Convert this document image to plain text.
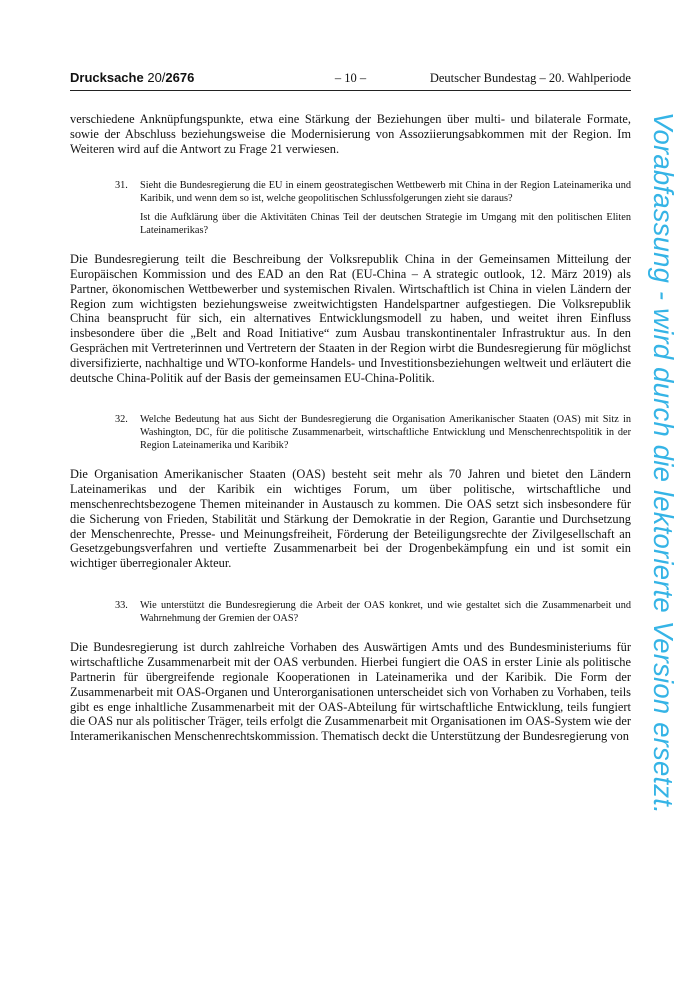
Drucksache 20/2676	– 10 –	Deutscher Bundestag – 20. Wahlperiode

verschiedene Anknüpfungspunkte, etwa eine Stärkung der Beziehungen über multi- und bilaterale Formate, sowie der Abschluss beziehungsweise die Modernisierung von Assoziierungsabkommen mit der Region. Im Weiteren wird auf die Antwort zu Frage 21 verwiesen.

31. Sieht die Bundesregierung die EU in einem geostrategischen Wettbewerb mit China in der Region Lateinamerika und Karibik, und wenn dem so ist, welche geopolitischen Schlussfolgerungen zieht sie daraus?

Ist die Aufklärung über die Aktivitäten Chinas Teil der deutschen Strategie im Umgang mit den politischen Eliten Lateinamerikas?

Die Bundesregierung teilt die Beschreibung der Volksrepublik China in der Gemeinsamen Mitteilung der Europäischen Kommission und des EAD an den Rat (EU-China – A strategic outlook, 12. März 2019) als Partner, ökonomischen Wettbewerber und systemischen Rivalen. Wirtschaftlich ist China in vielen Ländern der Region zum wichtigsten beziehungsweise zweitwichtigsten Handelspartner aufgestiegen. Die Volksrepublik China beansprucht für sich, ein alternatives Entwicklungsmodell zu haben, und weitet ihren Einfluss insbesondere über die „Belt and Road Initiative“ zum Ausbau transkontinentaler Infrastruktur aus. In den Gesprächen mit Vertreterinnen und Vertretern der Staaten in der Region wirbt die Bundesregierung für möglichst diversifizierte, nachhaltige und WTO-konforme Handels- und Investitionsbeziehungen weltweit und erläutert die deutsche China-Politik auf der Basis der gemeinsamen EU-China-Politik.

32. Welche Bedeutung hat aus Sicht der Bundesregierung die Organisation Amerikanischer Staaten (OAS) mit Sitz in Washington, DC, für die politische Zusammenarbeit, wirtschaftliche Entwicklung und Menschenrechtspolitik in der Region Lateinamerika und Karibik?

Die Organisation Amerikanischer Staaten (OAS) besteht seit mehr als 70 Jahren und bietet den Ländern Lateinamerikas und der Karibik ein wichtiges Forum, um über politische, wirtschaftliche und menschenrechtsbezogene Themen miteinander in Austausch zu kommen. Die OAS setzt sich insbesondere für die Sicherung von Frieden, Stabilität und Stärkung der Demokratie in der Region, Garantie und Durchsetzung der Menschenrechte, Presse- und Meinungsfreiheit, Förderung der Beteiligungsrechte der Zivilgesellschaft an Gesetzgebungsverfahren und vertiefte Zusammenarbeit bei der Drogenbekämpfung ein und ist somit ein wichtiger überregionaler Akteur.

33. Wie unterstützt die Bundesregierung die Arbeit der OAS konkret, und wie gestaltet sich die Zusammenarbeit und Wahrnehmung der Gremien der OAS?

Die Bundesregierung ist durch zahlreiche Vorhaben des Auswärtigen Amts und des Bundesministeriums für wirtschaftliche Zusammenarbeit mit der OAS verbunden. Hierbei fungiert die OAS in erster Linie als politische Partnerin für übergreifende regionale Kooperationen in Lateinamerika und der Karibik. Die Form der Zusammenarbeit mit OAS-Organen und Unterorganisationen unterscheidet sich von Vorhaben zu Vorhaben, teils gibt es enge inhaltliche Zusammenarbeit mit der OAS-Abteilung für wirtschaftliche Entwicklung, teils fungiert die OAS nur als politischer Träger, teils erfolgt die Zusammenarbeit mit Organisationen im OAS-System wie der Interamerikanischen Menschenrechtskommission. Thematisch deckt die Unterstützung der Bundesregierung von Vorabfassung - wird durch die lektorierte Version ersetzt.
